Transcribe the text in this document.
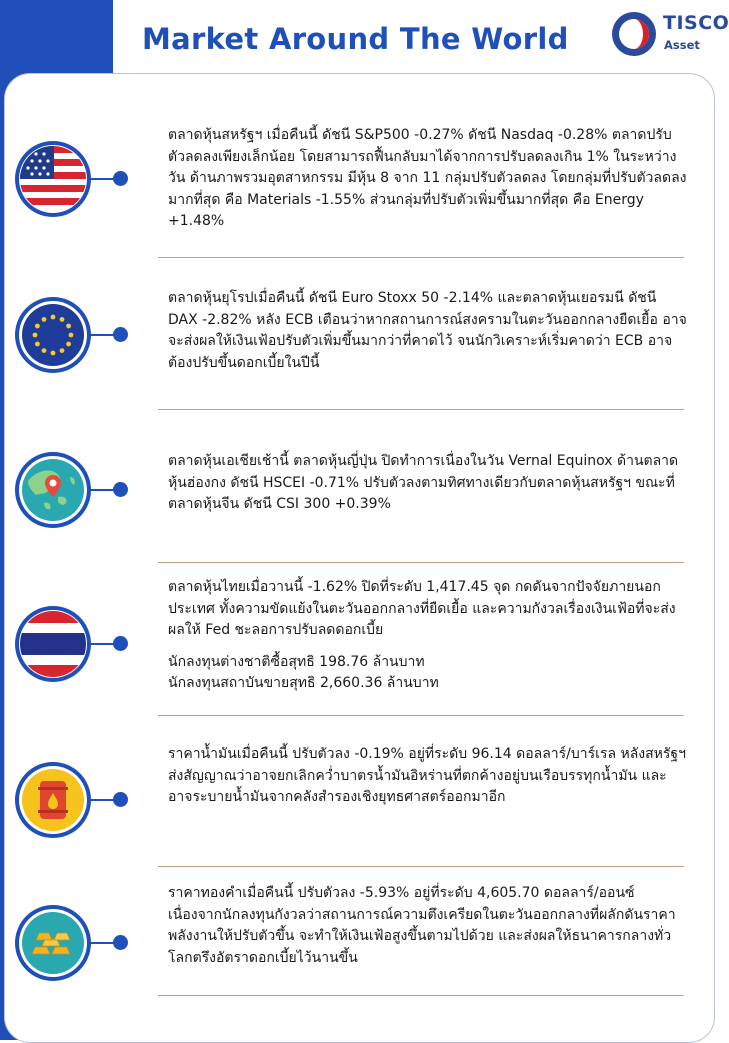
Market Around The World	TISCO
Asset

ตลาดหุ้นสหรัฐฯ เมื่อคืนนี้ ดัชนี S&P500 -0.27% ดัชนี Nasdaq -0.28% ตลาดปรับตัวลดลงเพียงเล็กน้อย โดยสามารถฟื้นกลับมาได้จากการปรับลดลงเกิน 1% ในระหว่างวัน ด้านภาพรวมอุตสาหกรรม มีหุ้น 8 จาก 11 กลุ่มปรับตัวลดลง โดยกลุ่มที่ปรับตัวลดลงมากที่สุด คือ Materials -1.55% ส่วนกลุ่มที่ปรับตัวเพิ่มขึ้นมากที่สุด คือ Energy +1.48%

ตลาดหุ้นยุโรปเมื่อคืนนี้ ดัชนี Euro Stoxx 50 -2.14% และตลาดหุ้นเยอรมนี ดัชนี DAX -2.82% หลัง ECB เตือนว่าหากสถานการณ์สงครามในตะวันออกกลางยืดเยื้อ อาจจะส่งผลให้เงินเฟ้อปรับตัวเพิ่มขึ้นมากว่าที่คาดไว้ จนนักวิเคราะห์เริ่มคาดว่า ECB อาจต้องปรับขึ้นดอกเบี้ยในปีนี้

ตลาดหุ้นเอเชียเช้านี้ ตลาดหุ้นญี่ปุ่น ปิดทำการเนื่องในวัน Vernal Equinox ด้านตลาดหุ้นฮ่องกง ดัชนี HSCEI -0.71% ปรับตัวลงตามทิศทางเดียวกับตลาดหุ้นสหรัฐฯ ขณะที่ตลาดหุ้นจีน ดัชนี CSI 300 +0.39%

ตลาดหุ้นไทยเมื่อวานนี้ -1.62% ปิดที่ระดับ 1,417.45 จุด กดดันจากปัจจัยภายนอกประเทศ ทั้งความขัดแย้งในตะวันออกกลางที่ยืดเยื้อ และความกังวลเรื่องเงินเฟ้อที่จะส่งผลให้ Fed ชะลอการปรับลดดอกเบี้ย

นักลงทุนต่างชาติซื้อสุทธิ 198.76 ล้านบาท

นักลงทุนสถาบันขายสุทธิ 2,660.36 ล้านบาท

ราคาน้ำมันเมื่อคืนนี้ ปรับตัวลง -0.19% อยู่ที่ระดับ 96.14 ดอลลาร์/บาร์เรล หลังสหรัฐฯ ส่งสัญญาณว่าอาจยกเลิกคว่ำบาตรน้ำมันอิหร่านที่ตกค้างอยู่บนเรือบรรทุกน้ำมัน และอาจระบายน้ำมันจากคลังสำรองเชิงยุทธศาสตร์ออกมาอีก

ราคาทองคำเมื่อคืนนี้ ปรับตัวลง -5.93% อยู่ที่ระดับ 4,605.70 ดอลลาร์/ออนซ์ เนื่องจากนักลงทุนกังวลว่าสถานการณ์ความตึงเครียดในตะวันออกกลางที่ผลักดันราคาพลังงานให้ปรับตัวขึ้น จะทำให้เงินเฟ้อสูงขึ้นตามไปด้วย และส่งผลให้ธนาคารกลางทั่วโลกตรึงอัตราดอกเบี้ยไว้นานขึ้น
